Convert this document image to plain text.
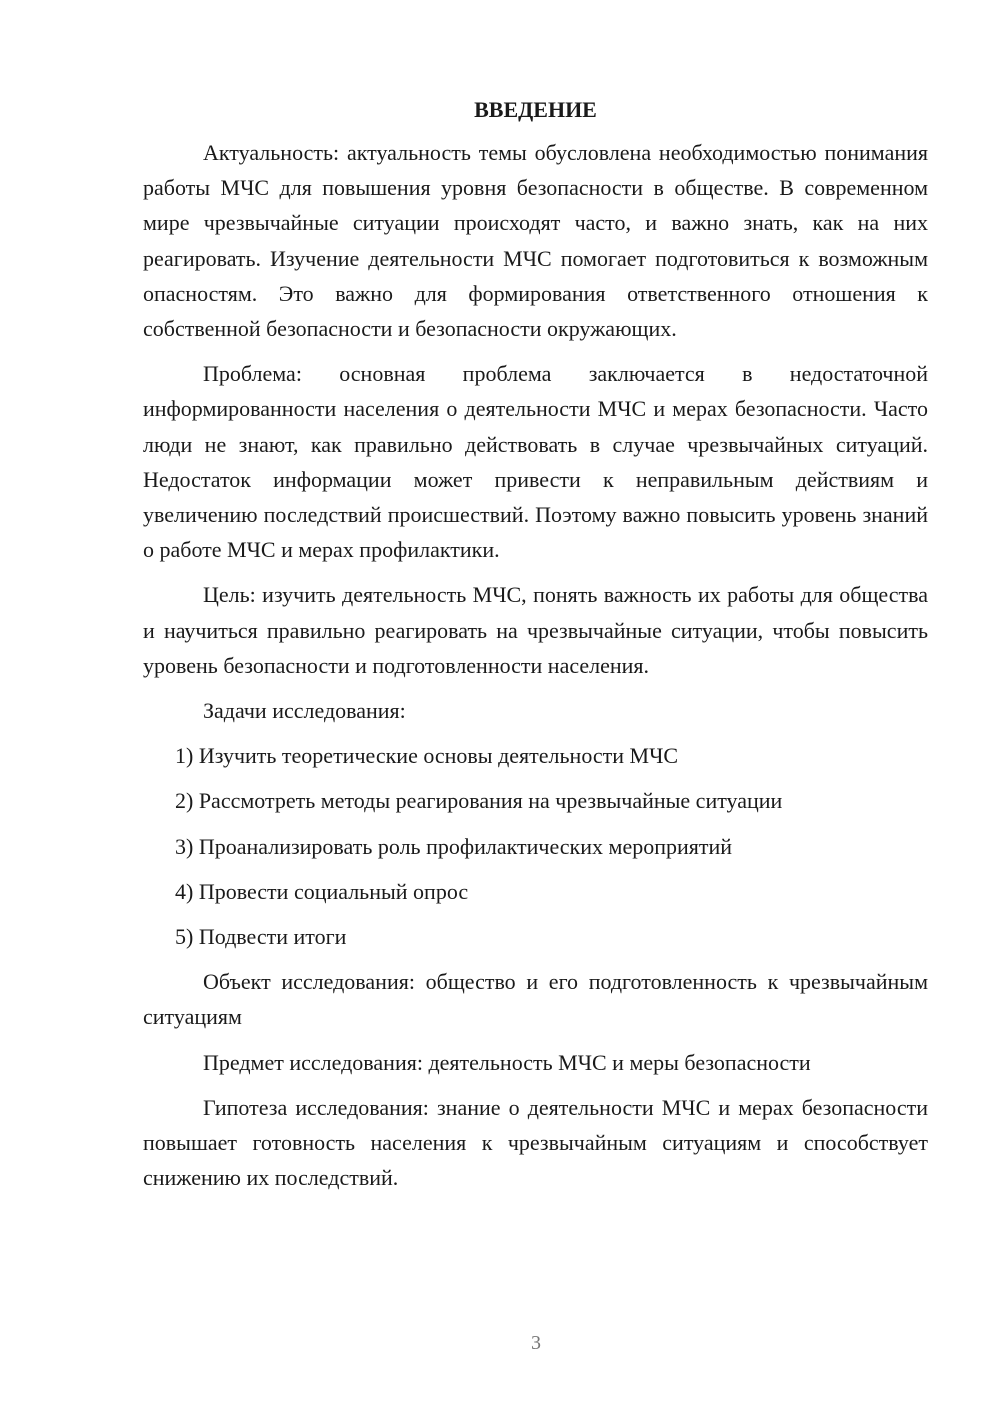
ВВЕДЕНИЕ

Актуальность: актуальность темы обусловлена необходимостью понимания работы МЧС для повышения уровня безопасности в обществе. В современном мире чрезвычайные ситуации происходят часто, и важно знать, как на них реагировать. Изучение деятельности МЧС помогает подготовиться к возможным опасностям. Это важно для формирования ответственного отношения к собственной безопасности и безопасности окружающих.

Проблема: основная проблема заключается в недостаточной информированности населения о деятельности МЧС и мерах безопасности. Часто люди не знают, как правильно действовать в случае чрезвычайных ситуаций. Недостаток информации может привести к неправильным действиям и увеличению последствий происшествий. Поэтому важно повысить уровень знаний о работе МЧС и мерах профилактики.

Цель: изучить деятельность МЧС, понять важность их работы для общества и научиться правильно реагировать на чрезвычайные ситуации, чтобы повысить уровень безопасности и подготовленности населения.

Задачи исследования:

1) Изучить теоретические основы деятельности МЧС
2) Рассмотреть методы реагирования на чрезвычайные ситуации
3) Проанализировать роль профилактических мероприятий
4) Провести социальный опрос
5) Подвести итоги

Объект исследования: общество и его подготовленность к чрезвычайным ситуациям

Предмет исследования: деятельность МЧС и меры безопасности

Гипотеза исследования: знание о деятельности МЧС и мерах безопасности повышает готовность населения к чрезвычайным ситуациям и способствует снижению их последствий.

3
